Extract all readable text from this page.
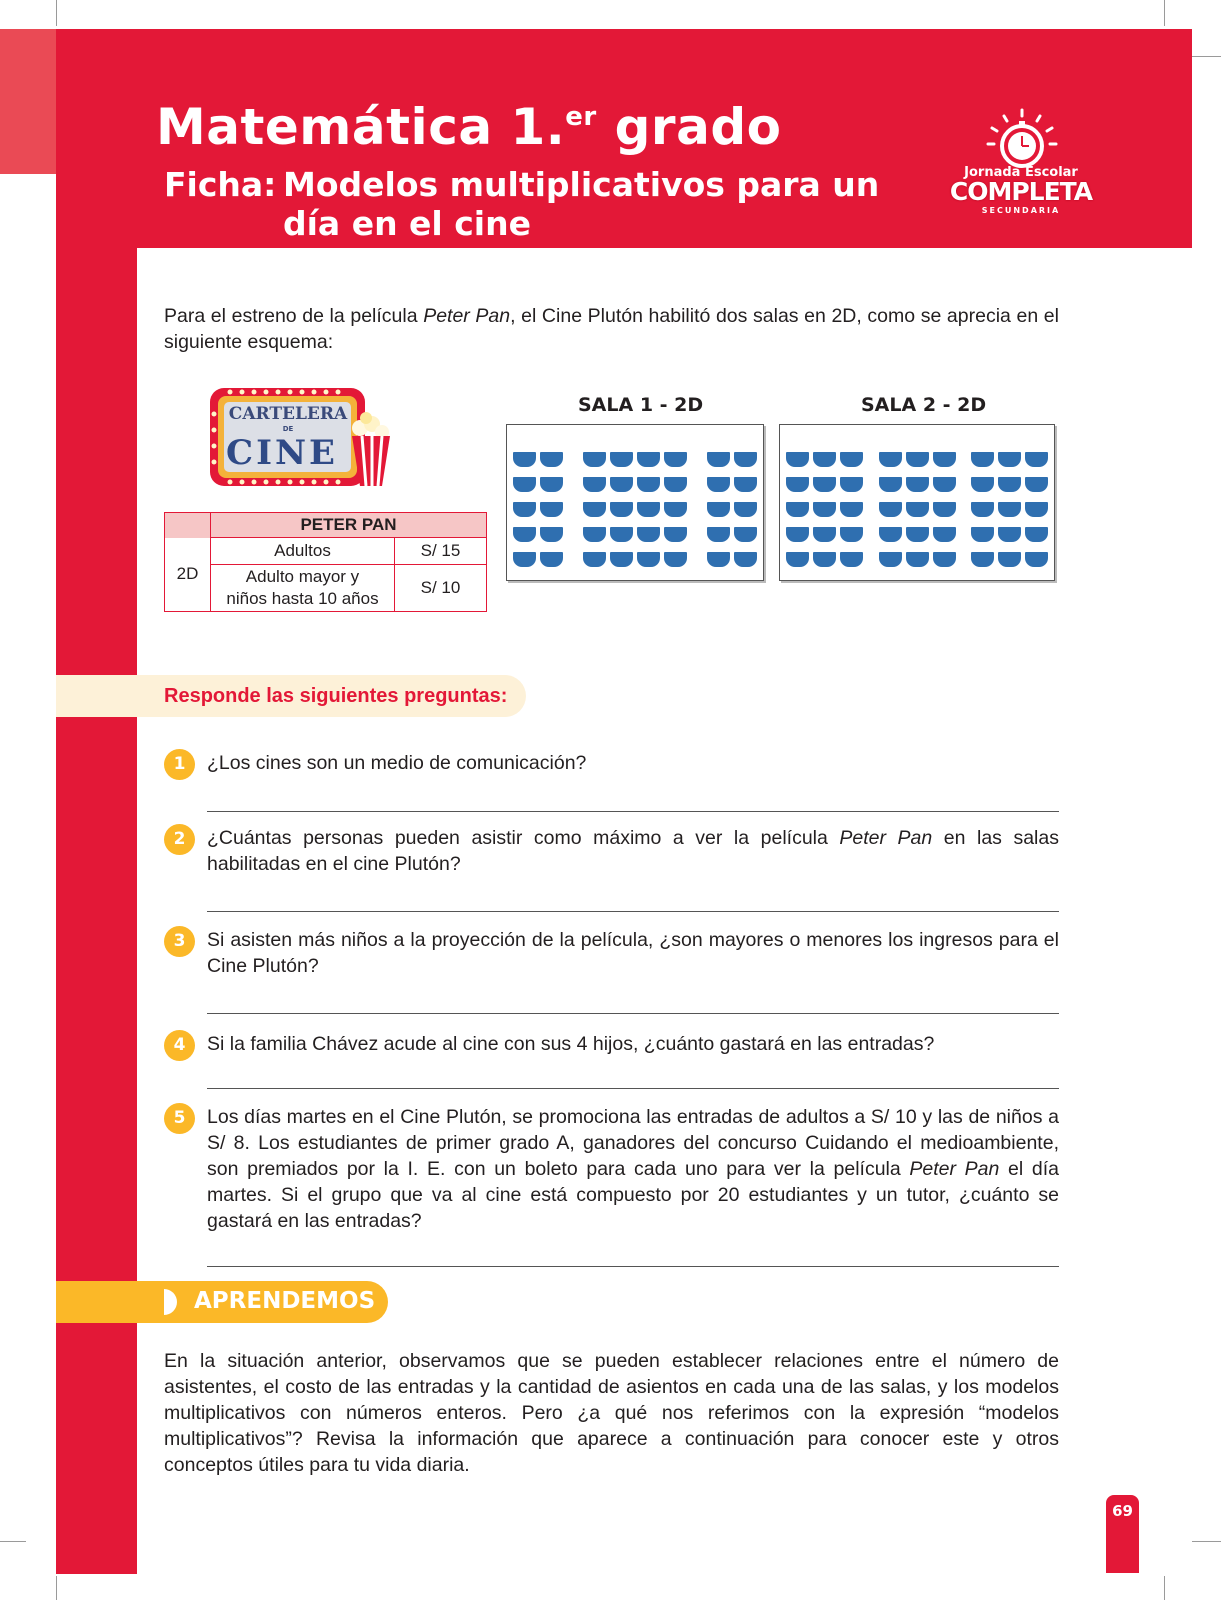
Matemática 1.$^{er}$ grado
Ficha: Modelos multiplicativos para un día en el cine
Jornada Escolar
COMPLETA
SECUNDARIA
Para el estreno de la película Peter Pan, el Cine Plutón habilitó dos salas en 2D, como se aprecia en el siguiente esquema:
CARTELERA
DE
CINE
	PETER PAN	
2D	Adultos	S/ 15
	Adulto mayor y
niños hasta 10 años	S/ 10
SALA 1 - 2D	SALA 2 - 2D
Responde las siguientes preguntas:
1	¿Los cines son un medio de comunicación?
2	¿Cuántas personas pueden asistir como máximo a ver la película Peter Pan en las salas habilitadas en el cine Plutón?
3	Si asisten más niños a la proyección de la película, ¿son mayores o menores los ingresos para el Cine Plutón?
4	Si la familia Chávez acude al cine con sus 4 hijos, ¿cuánto gastará en las entradas?
5	Los días martes en el Cine Plutón, se promociona las entradas de adultos a S/ 10 y las de niños a S/ 8. Los estudiantes de primer grado A, ganadores del concurso Cuidando el medioambiente, son premiados por la I. E. con un boleto para cada uno para ver la película Peter Pan el día martes. Si el grupo que va al cine está compuesto por 20 estudiantes y un tutor, ¿cuánto se gastará en las entradas?
APRENDEMOS
En la situación anterior, observamos que se pueden establecer relaciones entre el número de asistentes, el costo de las entradas y la cantidad de asientos en cada una de las salas, y los modelos multiplicativos con números enteros. Pero ¿a qué nos referimos con la expresión “modelos multiplicativos”? Revisa la información que aparece a continuación para conocer este y otros conceptos útiles para tu vida diaria.
69
